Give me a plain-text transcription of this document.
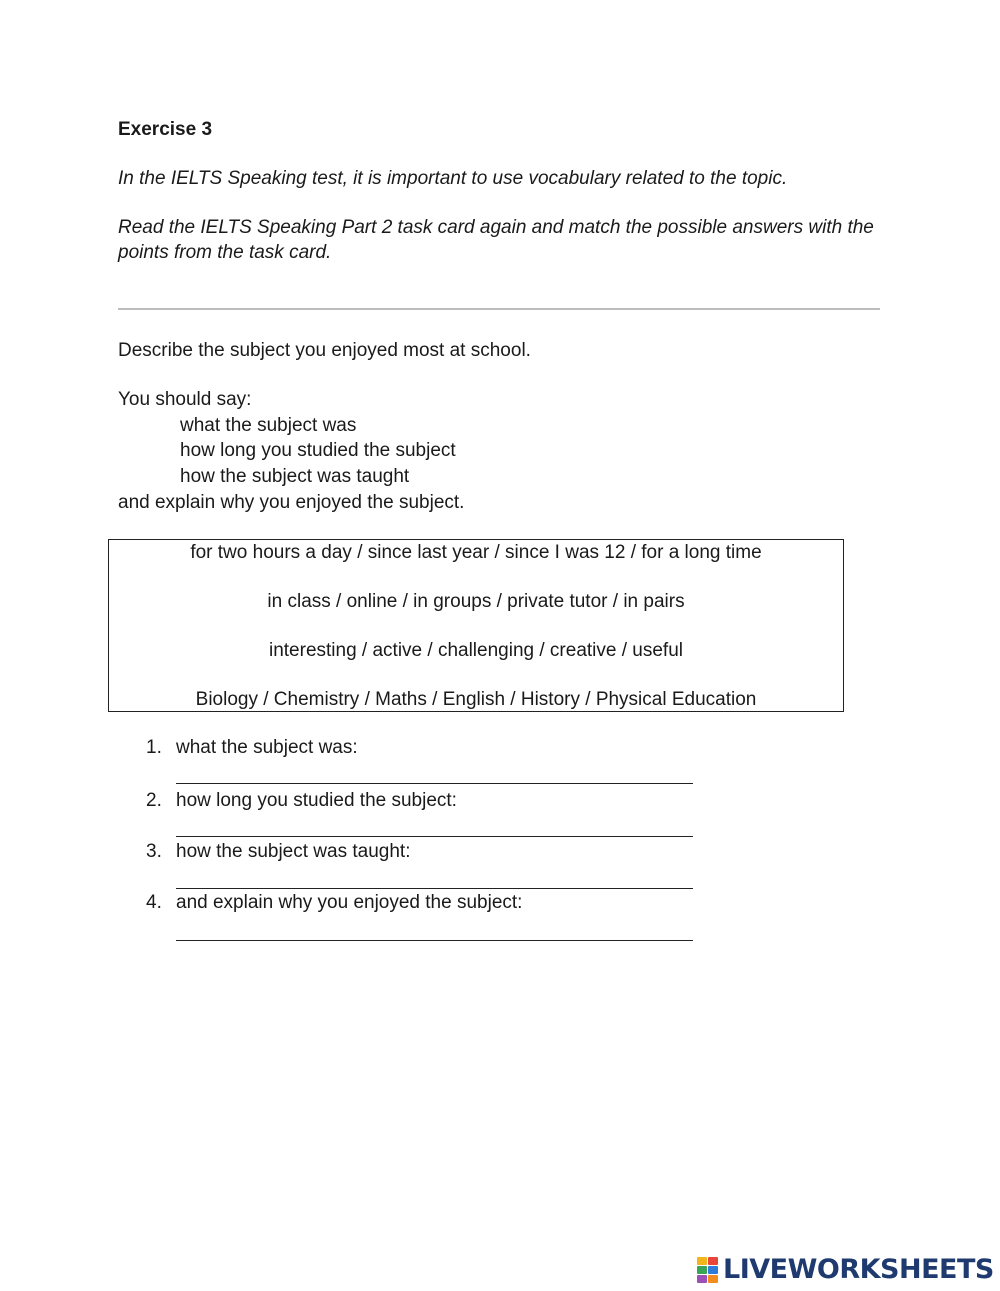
Exercise 3
In the IELTS Speaking test, it is important to use vocabulary related to the topic.
Read the IELTS Speaking Part 2 task card again and match the possible answers with the
points from the task card.
Describe the subject you enjoyed most at school.
You should say:
what the subject was
how long you studied the subject
how the subject was taught
and explain why you enjoyed the subject.
for two hours a day / since last year / since I was 12 / for a long time
in class / online / in groups / private tutor / in pairs
interesting / active / challenging / creative / useful
Biology / Chemistry / Maths / English / History / Physical Education
1. what the subject was:
2. how long you studied the subject:
3. how the subject was taught:
4. and explain why you enjoyed the subject:
LIVEWORKSHEETS
